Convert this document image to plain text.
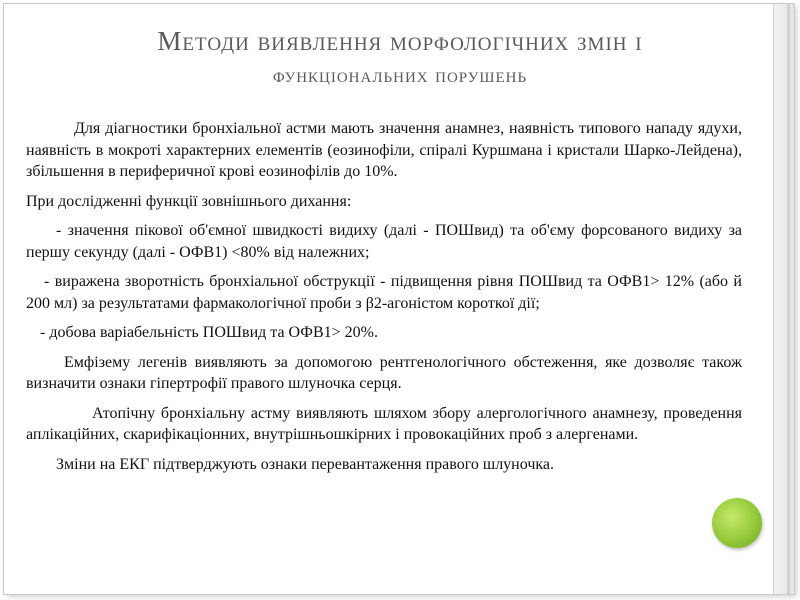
Методи виявлення морфологічних змін і
функціональних порушень

Для діагностики бронхіальної астми мають значення анамнез, наявність типового нападу ядухи, наявність в мокроті характерних елементів (еозинофіли, спіралі Куршмана і кристали Шарко-Лейдена), збільшення в периферичної крові еозинофілів до 10%.

При дослідженні функції зовнішнього дихання:

- значення пікової об'ємної швидкості видиху (далі - ПОШвид) та об'єму форсованого видиху за першу секунду (далі - ОФВ1) <80% від належних;

- виражена зворотність бронхіальної обструкції - підвищення рівня ПОШвид та ОФВ1> 12% (або й 200 мл) за результатами фармакологічної проби з β2-агоністом короткої дії;

- добова варіабельність ПОШвид та ОФВ1> 20%.

Емфізему легенів виявляють за допомогою рентгенологічного обстеження, яке дозволяє також визначити ознаки гіпертрофії правого шлуночка серця.

Атопічну бронхіальну астму виявляють шляхом збору алергологічного анамнезу, проведення аплікаційних, скарифікаціонних, внутрішньошкірних і провокаційних проб з алергенами.

Зміни на ЕКГ підтверджують ознаки перевантаження правого шлуночка.
